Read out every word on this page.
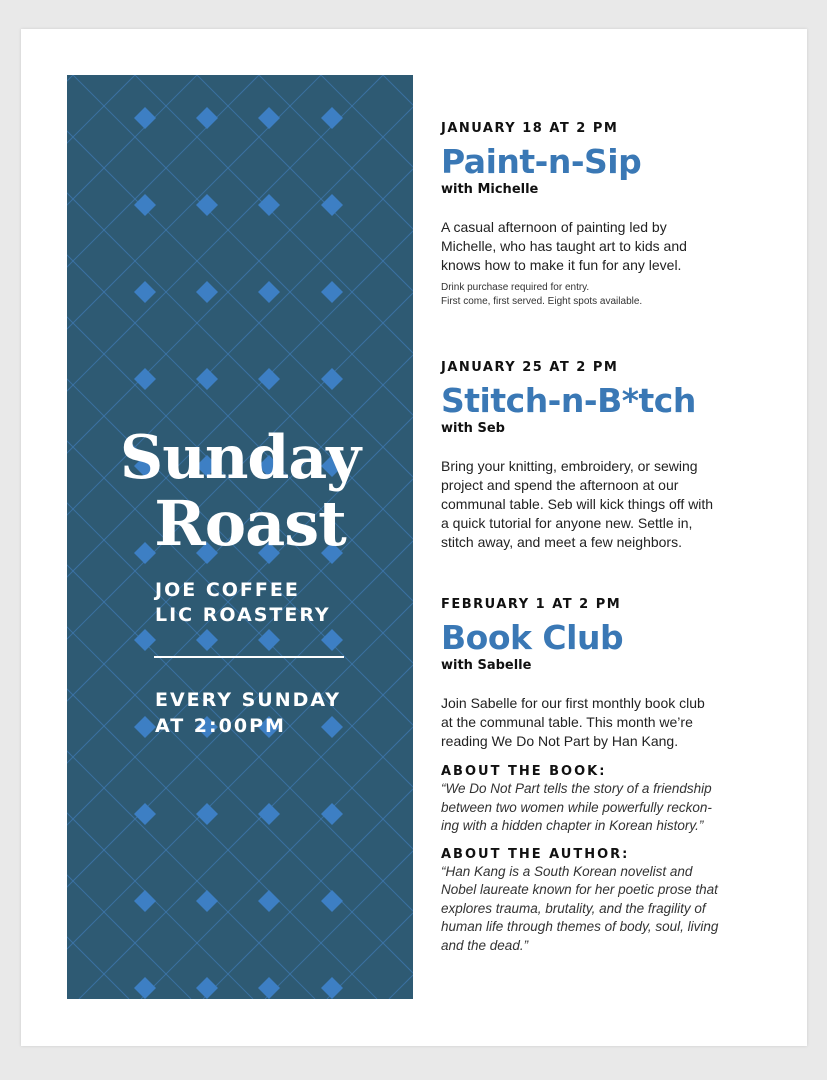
Sunday
Roast
JOE COFFEE
LIC ROASTERY
EVERY SUNDAY
AT 2:00PM

JANUARY 18 AT 2 PM

Paint-n-Sip

with Michelle

A casual afternoon of painting led by

Michelle, who has taught art to kids and

knows how to make it fun for any level.

Drink purchase required for entry.

First come, first served. Eight spots available.

JANUARY 25 AT 2 PM

Stitch-n-B*tch

with Seb

Bring your knitting, embroidery, or sewing

project and spend the afternoon at our

communal table. Seb will kick things off with

a quick tutorial for anyone new. Settle in,

stitch away, and meet a few neighbors.

FEBRUARY 1 AT 2 PM

Book Club

with Sabelle

Join Sabelle for our first monthly book club

at the communal table. This month we’re

reading We Do Not Part by Han Kang.

ABOUT THE BOOK:

“We Do Not Part tells the story of a friendship

between two women while powerfully reckon-

ing with a hidden chapter in Korean history.”

ABOUT THE AUTHOR:

“Han Kang is a South Korean novelist and

Nobel laureate known for her poetic prose that

explores trauma, brutality, and the fragility of

human life through themes of body, soul, living

and the dead.”
